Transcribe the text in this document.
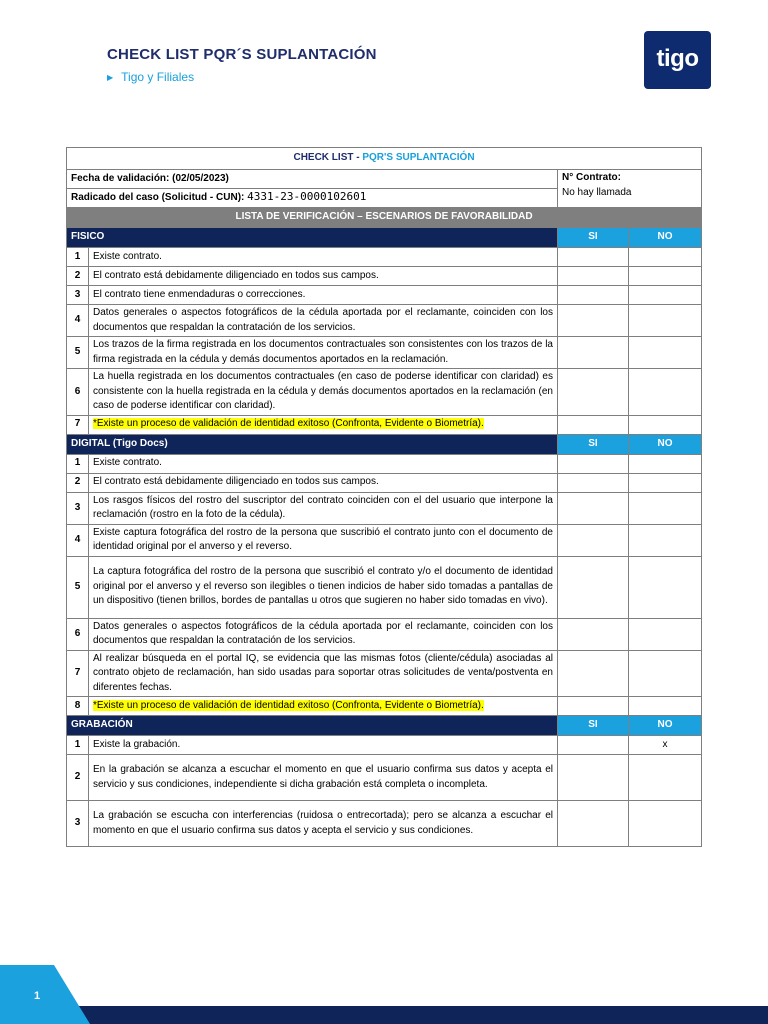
CHECK LIST PQR´S SUPLANTACIÓN
▶ Tigo y Filiales
tigo
CHECK LIST - PQR'S SUPLANTACIÓN			
Fecha de validación: (02/05/2023)		N° Contrato:
No hay llamada	

Radicado del caso (Solicitud - CUN): 4331-23-0000102601			
LISTA DE VERIFICACIÓN – ESCENARIOS DE FAVORABILIDAD			
FISICO		SI	NO
1	Existe contrato.		
2	El contrato está debidamente diligenciado en todos sus campos.		
3	El contrato tiene enmendaduras o correcciones.		
4	Datos generales o aspectos fotográficos de la cédula aportada por el reclamante, coinciden con los documentos que respaldan la contratación de los servicios.		
5	Los trazos de la firma registrada en los documentos contractuales son consistentes con los trazos de la firma registrada en la cédula y demás documentos aportados en la reclamación.		
6	La huella registrada en los documentos contractuales (en caso de poderse identificar con claridad) es consistente con la huella registrada en la cédula y demás documentos aportados en la reclamación (en caso de poderse identificar con claridad).		
7	*Existe un proceso de validación de identidad exitoso (Confronta, Evidente o Biometría).		
DIGITAL (Tigo Docs)		SI	NO
1	Existe contrato.		
2	El contrato está debidamente diligenciado en todos sus campos.		
3	Los rasgos físicos del rostro del suscriptor del contrato coinciden con el del usuario que interpone la reclamación (rostro en la foto de la cédula).		
4	Existe captura fotográfica del rostro de la persona que suscribió el contrato junto con el documento de identidad original por el anverso y el reverso.		
5	La captura fotográfica del rostro de la persona que suscribió el contrato y/o el documento de identidad original por el anverso y el reverso son ilegibles o tienen indicios de haber sido tomadas a pantallas de un dispositivo (tienen brillos, bordes de pantallas u otros que sugieren no haber sido tomadas en vivo).		
6	Datos generales o aspectos fotográficos de la cédula aportada por el reclamante, coinciden con los documentos que respaldan la contratación de los servicios.		
7	Al realizar búsqueda en el portal IQ, se evidencia que las mismas fotos (cliente/cédula) asociadas al contrato objeto de reclamación, han sido usadas para soportar otras solicitudes de venta/postventa en diferentes fechas.		
8	*Existe un proceso de validación de identidad exitoso (Confronta, Evidente o Biometría).		
GRABACIÓN		SI	NO
1	Existe la grabación.		x
2	En la grabación se alcanza a escuchar el momento en que el usuario confirma sus datos y acepta el servicio y sus condiciones, independiente si dicha grabación está completa o incompleta.		
3	La grabación se escucha con interferencias (ruidosa o entrecortada); pero se alcanza a escuchar el momento en que el usuario confirma sus datos y acepta el servicio y sus condiciones.		
1
